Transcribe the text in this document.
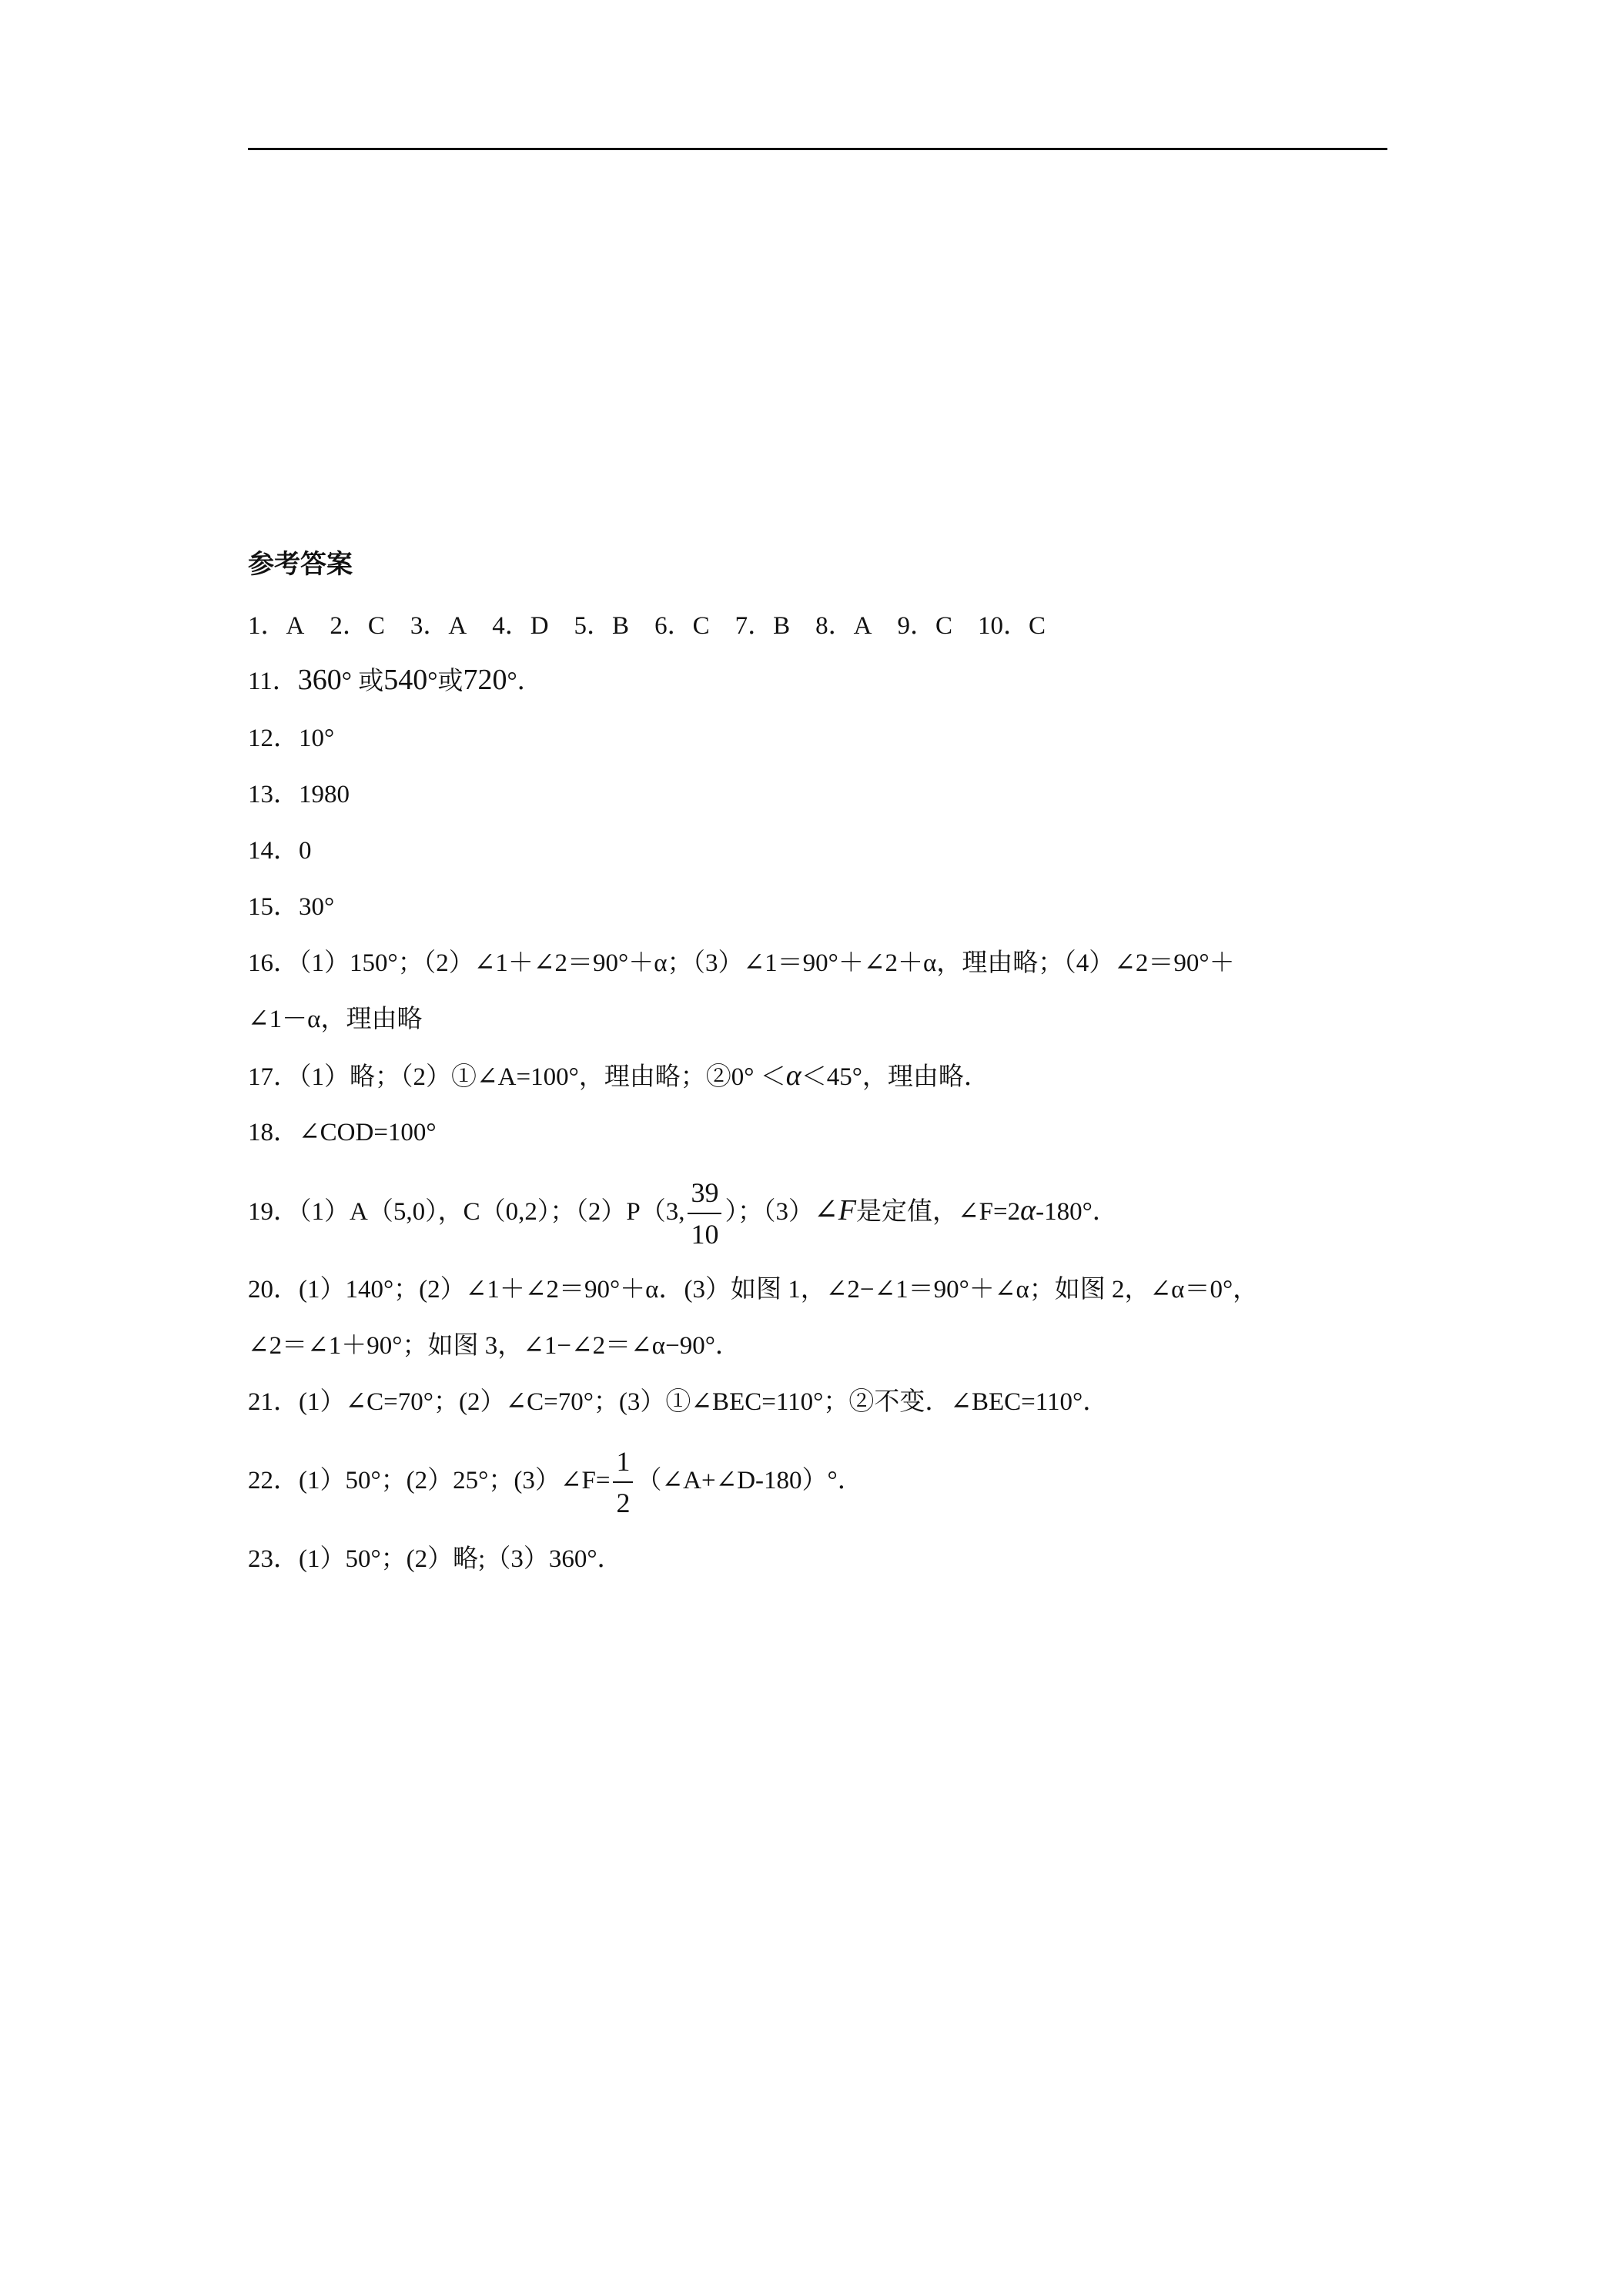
参考答案
1．A 2．C 3．A 4．D 5．B 6．C 7．B 8．A 9．C 10．C
11．360° 或540°或720°．
12．10°
13．1980
14．0
15．30°
16．（1）150°；（2）∠1＋∠2＝90°＋α；（3）∠1＝90°＋∠2＋α，理由略；（4）∠2＝90°＋
∠1－α，理由略
17．（1）略；（2）①∠A=100°，理由略；②0° ＜α＜45°，理由略．
18．∠COD=100°
19．（1）A（5,0），C（0,2）；（2）P（3, $\frac{39}{10}$ ）；（3）∠F是定值，∠F=2α-180°．
20．(1）140°；(2）∠1＋∠2＝90°＋α．(3）如图 1，∠2−∠1＝90°＋∠α；如图 2，∠α＝0°，
∠2＝∠1＋90°；如图 3，∠1−∠2＝∠α−90°．
21．(1）∠C=70°；(2）∠C=70°；(3）①∠BEC=110°；②不变．∠BEC=110°．
22．(1）50°；(2）25°；(3）∠F= $\frac{1}{2}$ （∠A+∠D-180）°．
23．(1）50°；(2）略;（3）360°．
